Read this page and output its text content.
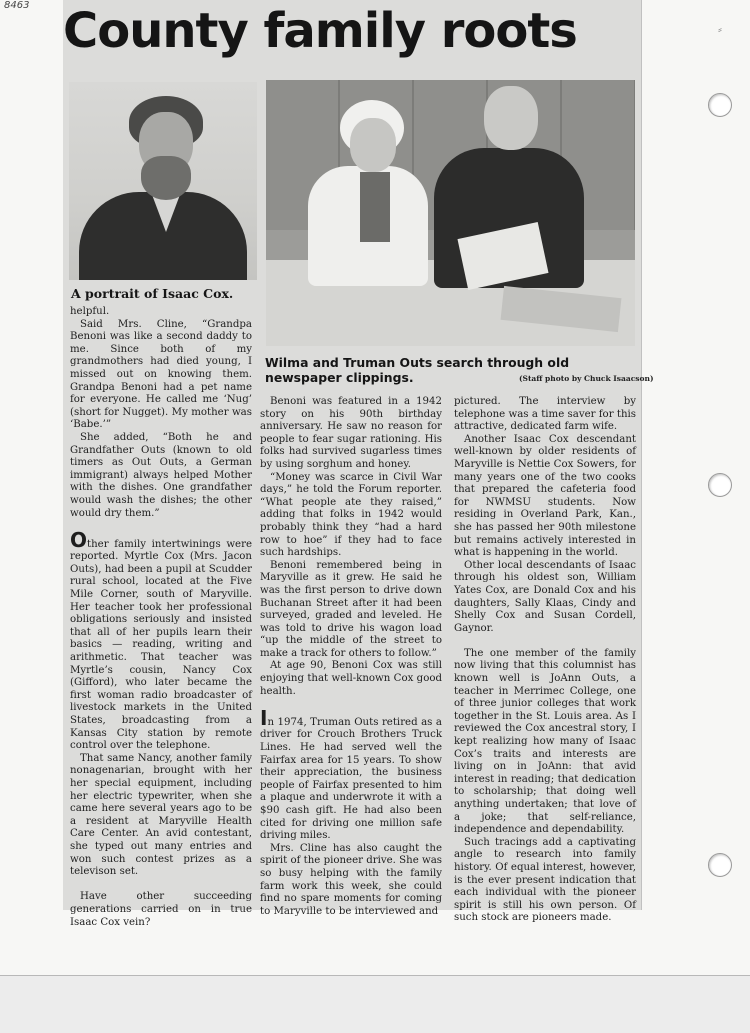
8463
⸗
County family roots
A portrait of Isaac Cox.
Wilma and Truman Outs search through old newspaper clippings.	(Staff photo by Chuck Isaacson)

helpful.

Said Mrs. Cline, “Grandpa Benoni was like a second daddy to me. Since both of my grandmothers had died young, I missed out on knowing them. Grandpa Benoni had a pet name for everyone. He called me ‘Nug’ (short for Nugget). My mother was ‘Babe.’”

She added, “Both he and Grandfather Outs (known to old timers as Out Outs, a German immigrant) always helped Mother with the dishes. One grandfather would wash the dishes; the other would dry them.”

Other family intertwinings were reported. Myrtle Cox (Mrs. Jacon Outs), had been a pupil at Scudder rural school, located at the Five Mile Corner, south of Maryville. Her teacher took her professional obligations seriously and insisted that all of her pupils learn their basics — reading, writing and arithmetic. That teacher was Myrtle’s cousin, Nancy Cox (Gifford), who later became the first woman radio broadcaster of livestock markets in the United States, broadcasting from a Kansas City station by remote control over the telephone.

That same Nancy, another family nonagenarian, brought with her her special equipment, including her electric typewriter, when she came here several years ago to be a resident at Maryville Health Care Center. An avid contestant, she typed out many entries and won such contest prizes as a televison set.

Have other succeeding generations carried on in true Isaac Cox vein?

Benoni was featured in a 1942 story on his 90th birthday anniversary. He saw no reason for people to fear sugar rationing. His folks had survived sugarless times by using sorghum and honey.

“Money was scarce in Civil War days,” he told the Forum reporter. “What people ate they raised,” adding that folks in 1942 would probably think they “had a hard row to hoe” if they had to face such hardships.

Benoni remembered being in Maryville as it grew. He said he was the first person to drive down Buchanan Street after it had been surveyed, graded and leveled. He was told to drive his wagon load “up the middle of the street to make a track for others to follow.”

At age 90, Benoni Cox was still enjoying that well-known Cox good health.

In 1974, Truman Outs retired as a driver for Crouch Brothers Truck Lines. He had served well the Fairfax area for 15 years. To show their appreciation, the business people of Fairfax presented to him a plaque and underwrote it with a $90 cash gift. He had also been cited for driving one million safe driving miles.

Mrs. Cline has also caught the spirit of the pioneer drive. She was so busy helping with the family farm work this week, she could find no spare moments for coming to Maryville to be interviewed and

pictured. The interview by telephone was a time saver for this attractive, dedicated farm wife.

Another Isaac Cox descendant well-known by older residents of Maryville is Nettie Cox Sowers, for many years one of the two cooks that prepared the cafeteria food for NWMSU students. Now residing in Overland Park, Kan., she has passed her 90th milestone but remains actively interested in what is happening in the world.

Other local descendants of Isaac through his oldest son, William Yates Cox, are Donald Cox and his daughters, Sally Klaas, Cindy and Shelly Cox and Susan Cordell, Gaynor.

The one member of the family now living that this columnist has known well is JoAnn Outs, a teacher in Merrimec College, one of three junior colleges that work together in the St. Louis area. As I reviewed the Cox ancestral story, I kept realizing how many of Isaac Cox’s traits and interests are living on in JoAnn: that avid interest in reading; that dedication to scholarship; that doing well anything undertaken; that love of a joke; that self-reliance, independence and dependability.

Such tracings add a captivating angle to research into family history. Of equal interest, however, is the ever present indication that each individual with the pioneer spirit is still his own person. Of such stock are pioneers made.
